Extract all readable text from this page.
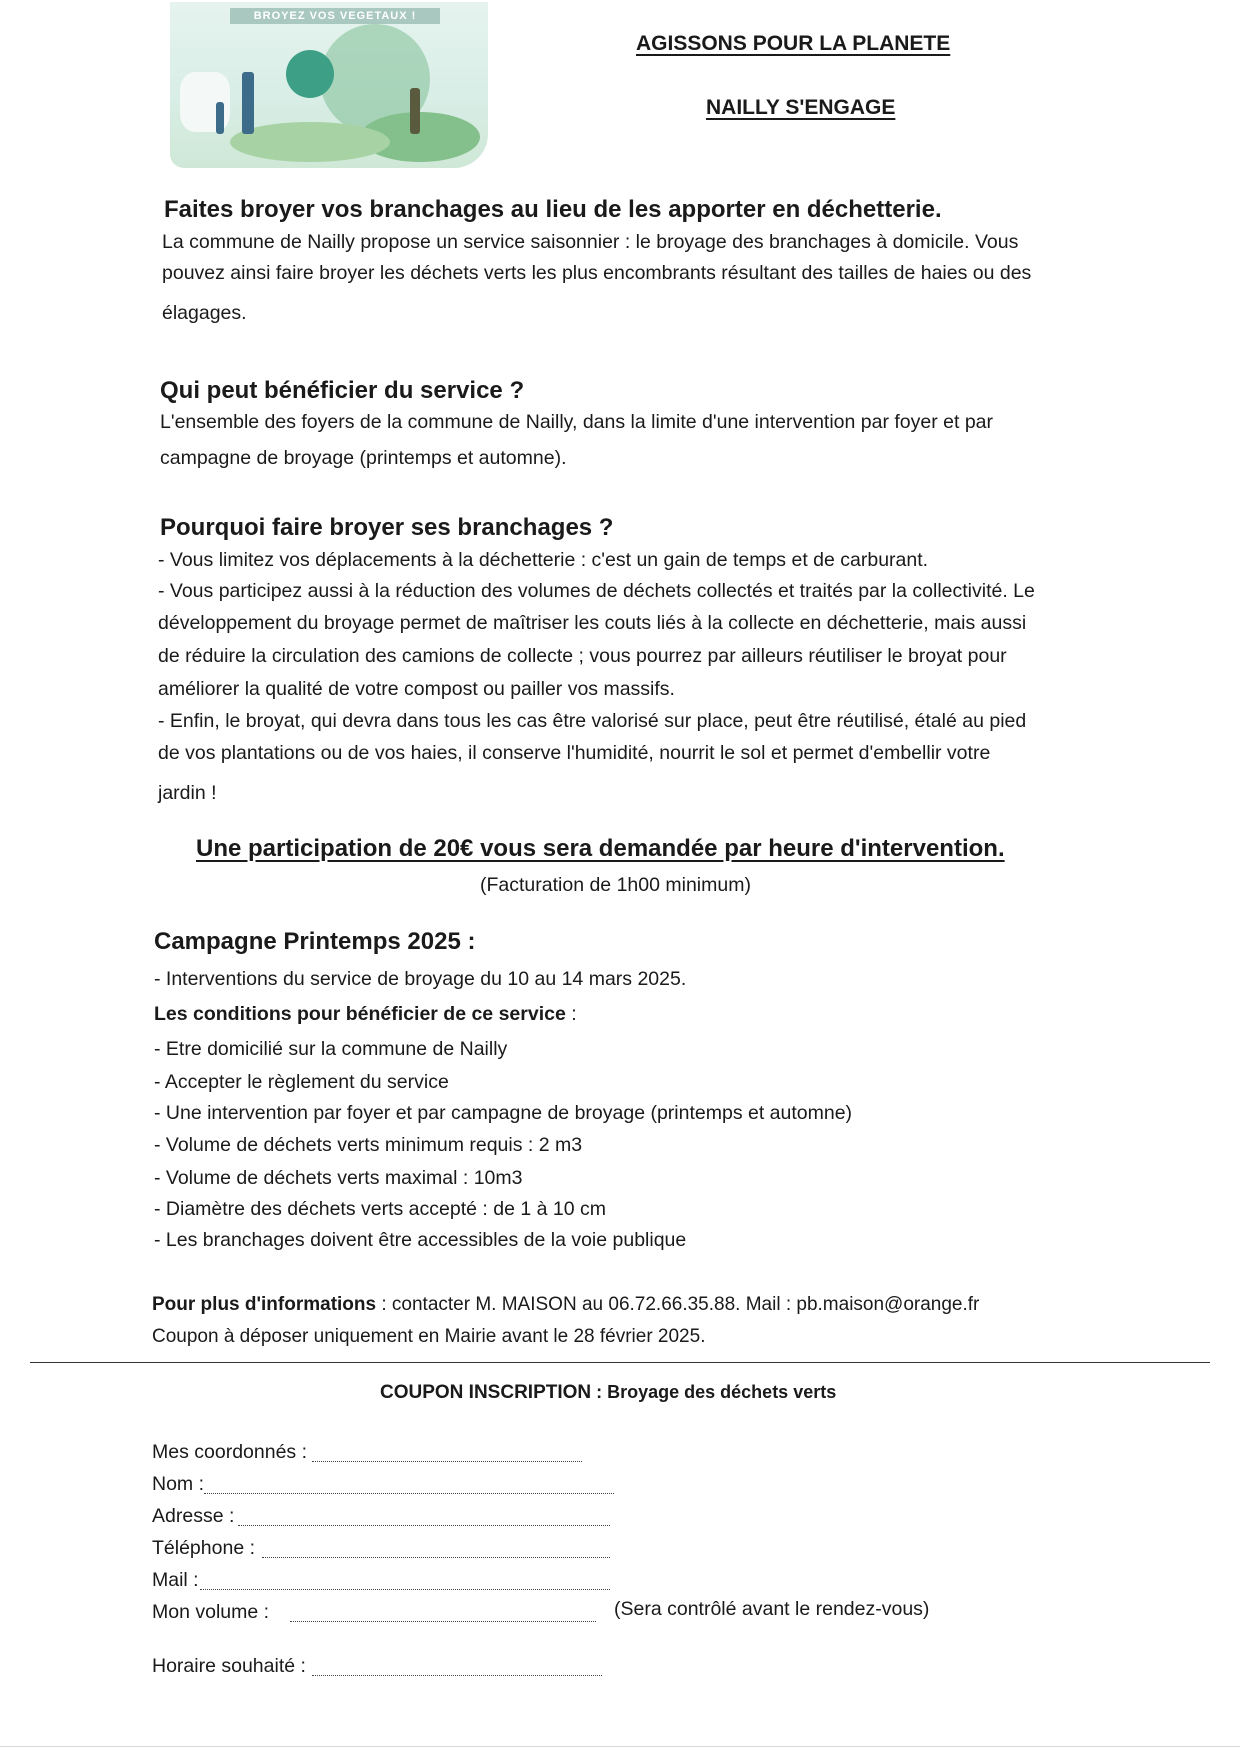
BROYEZ VOS VEGETAUX !
AGISSONS POUR LA PLANETE
NAILLY S'ENGAGE
Faites broyer vos branchages au lieu de les apporter en déchetterie.
La commune de Nailly propose un service saisonnier : le broyage des branchages à domicile. Vous
pouvez ainsi faire broyer les déchets verts les plus encombrants résultant des tailles de haies ou des
élagages.
Qui peut bénéficier du service ?
L'ensemble des foyers de la commune de Nailly, dans la limite d'une intervention par foyer et par
campagne de broyage (printemps et automne).
Pourquoi faire broyer ses branchages ?
- Vous limitez vos déplacements à la déchetterie : c'est un gain de temps et de carburant.
- Vous participez aussi à la réduction des volumes de déchets collectés et traités par la collectivité. Le
développement du broyage permet de maîtriser les couts liés à la collecte en déchetterie, mais aussi
de réduire la circulation des camions de collecte ; vous pourrez par ailleurs réutiliser le broyat pour
améliorer la qualité de votre compost ou pailler vos massifs.
- Enfin, le broyat, qui devra dans tous les cas être valorisé sur place, peut être réutilisé, étalé au pied
de vos plantations ou de vos haies, il conserve l'humidité, nourrit le sol et permet d'embellir votre
jardin !
Une participation de 20€ vous sera demandée par heure d'intervention.
(Facturation de 1h00 minimum)
Campagne Printemps 2025 :
- Interventions du service de broyage du 10 au 14 mars 2025.
Les conditions pour bénéficier de ce service :
- Etre domicilié sur la commune de Nailly
- Accepter le règlement du service
- Une intervention par foyer et par campagne de broyage (printemps et automne)
- Volume de déchets verts minimum requis : 2 m3
- Volume de déchets verts maximal : 10m3
- Diamètre des déchets verts accepté : de 1 à 10 cm
- Les branchages doivent être accessibles de la voie publique
Pour plus d'informations : contacter M. MAISON au 06.72.66.35.88. Mail : pb.maison@orange.fr
Coupon à déposer uniquement en Mairie avant le 28 février 2025.
COUPON INSCRIPTION : Broyage des déchets verts
Mes coordonnés :
Nom :
Adresse :
Téléphone :
Mail :
Mon volume :	(Sera contrôlé avant le rendez-vous)
Horaire souhaité :
